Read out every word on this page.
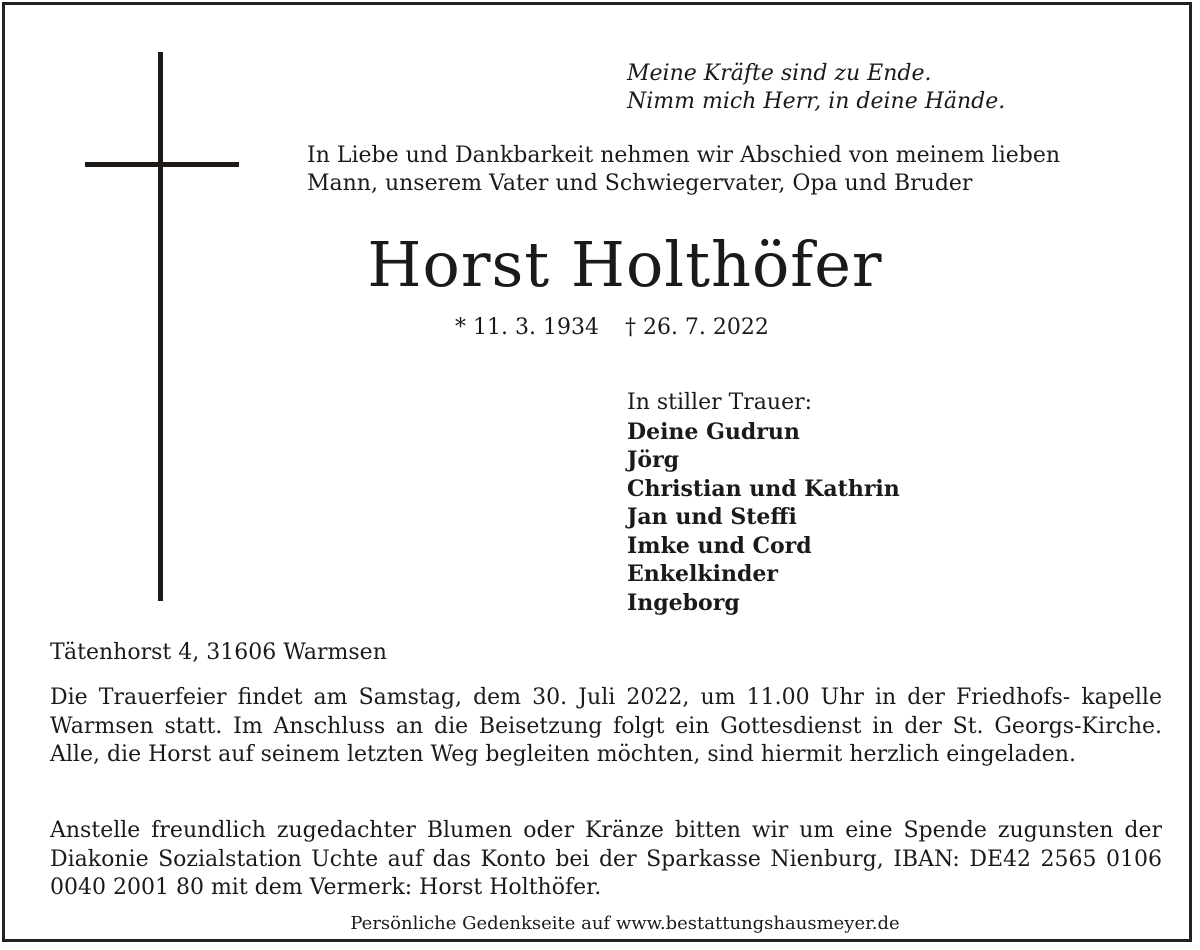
Meine Kräfte sind zu Ende.
Nimm mich Herr, in deine Hände.
In Liebe und Dankbarkeit nehmen wir Abschied von meinem lieben
Mann, unserem Vater und Schwiegervater, Opa und Bruder
Horst Holthöfer
* 11. 3. 1934 † 26. 7. 2022
In stiller Trauer:
Deine Gudrun
Jörg
Christian und Kathrin
Jan und Steffi
Imke und Cord
Enkelkinder
Ingeborg
Tätenhorst 4, 31606 Warmsen
Die Trauerfeier findet am Samstag, dem 30. Juli 2022, um 11.00 Uhr in der Friedhofs- kapelle Warmsen statt. Im Anschluss an die Beisetzung folgt ein Gottesdienst in der St. Georgs-Kirche. Alle, die Horst auf seinem letzten Weg begleiten möchten, sind hiermit herzlich eingeladen.
Anstelle freundlich zugedachter Blumen oder Kränze bitten wir um eine Spende zugunsten der Diakonie Sozialstation Uchte auf das Konto bei der Sparkasse Nienburg, IBAN: DE42 2565 0106 0040 2001 80 mit dem Vermerk: Horst Holthöfer.
Persönliche Gedenkseite auf www.bestattungshausmeyer.de
